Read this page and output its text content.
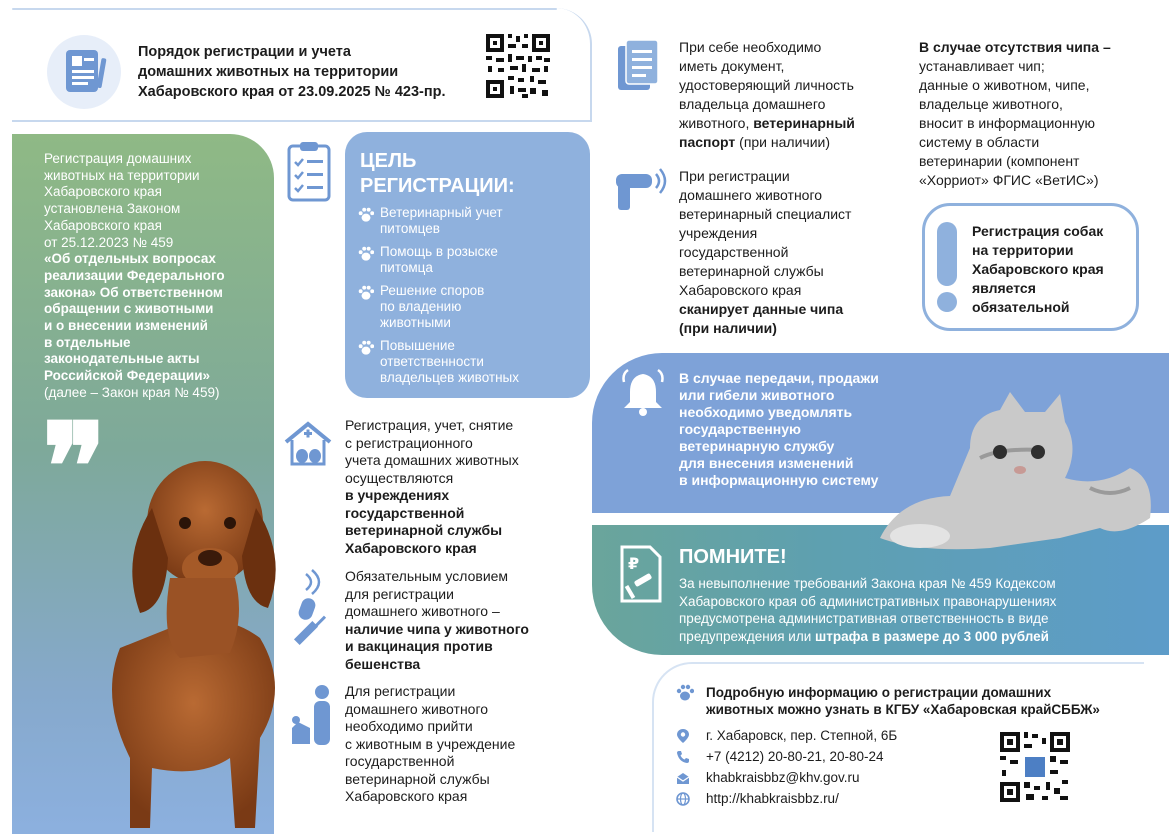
Порядок регистрации и учета
домашних животных на территории
Хабаровского края от 23.09.2025 № 423-пр.
Регистрация домашних
животных на территории
Хабаровского края
установлена Законом
Хабаровского края
от 25.12.2023 № 459
«Об отдельных вопросах
реализации Федерального
закона» Об ответственном
обращении с животными
и о внесении изменений
в отдельные
законодательные акты
Российской Федерации»
(далее – Закон края № 459)
❞
ЦЕЛЬ
РЕГИСТРАЦИИ:
Ветеринарный учет
питомцев
Помощь в розыске
питомца
Решение споров
по владению
животными
Повышение
ответственности
владельцев животных
Регистрация, учет, снятие
с регистрационного
учета домашних животных
осуществляются
в учреждениях
государственной
ветеринарной службы
Хабаровского края
Обязательным условием
для регистрации
домашнего животного –
наличие чипа у животного
и вакцинация против
бешенства
Для регистрации
домашнего животного
необходимо прийти
с животным в учреждение
государственной
ветеринарной службы
Хабаровского края
При себе необходимо
иметь документ,
удостоверяющий личность
владельца домашнего
животного, ветеринарный
паспорт (при наличии)
При регистрации
домашнего животного
ветеринарный специалист
учреждения
государственной
ветеринарной службы
Хабаровского края
сканирует данные чипа
(при наличии)
В случае отсутствия чипа –
устанавливает чип;
данные о животном, чипе,
владельце животного,
вносит в информационную
систему в области
ветеринарии (компонент
«Хорриот» ФГИС «ВетИС»)
Регистрация собак
на территории
Хабаровского края
является
обязательной
В случае передачи, продажи
или гибели животного
необходимо уведомлять
государственную
ветеринарную службу
для внесения изменений
в информационную систему
₽ ПОМНИТЕ!
За невыполнение требований Закона края № 459 Кодексом
Хабаровского края об административных правонарушениях
предусмотрена административная ответственность в виде
предупреждения или штрафа в размере до 3 000 рублей
Подробную информацию о регистрации домашних
животных можно узнать в КГБУ «Хабаровская крайСББЖ»
г. Хабаровск, пер. Степной, 6Б
+7 (4212) 20-80-21, 20-80-24
khabkraisbbz@khv.gov.ru
http://khabkraisbbz.ru/
